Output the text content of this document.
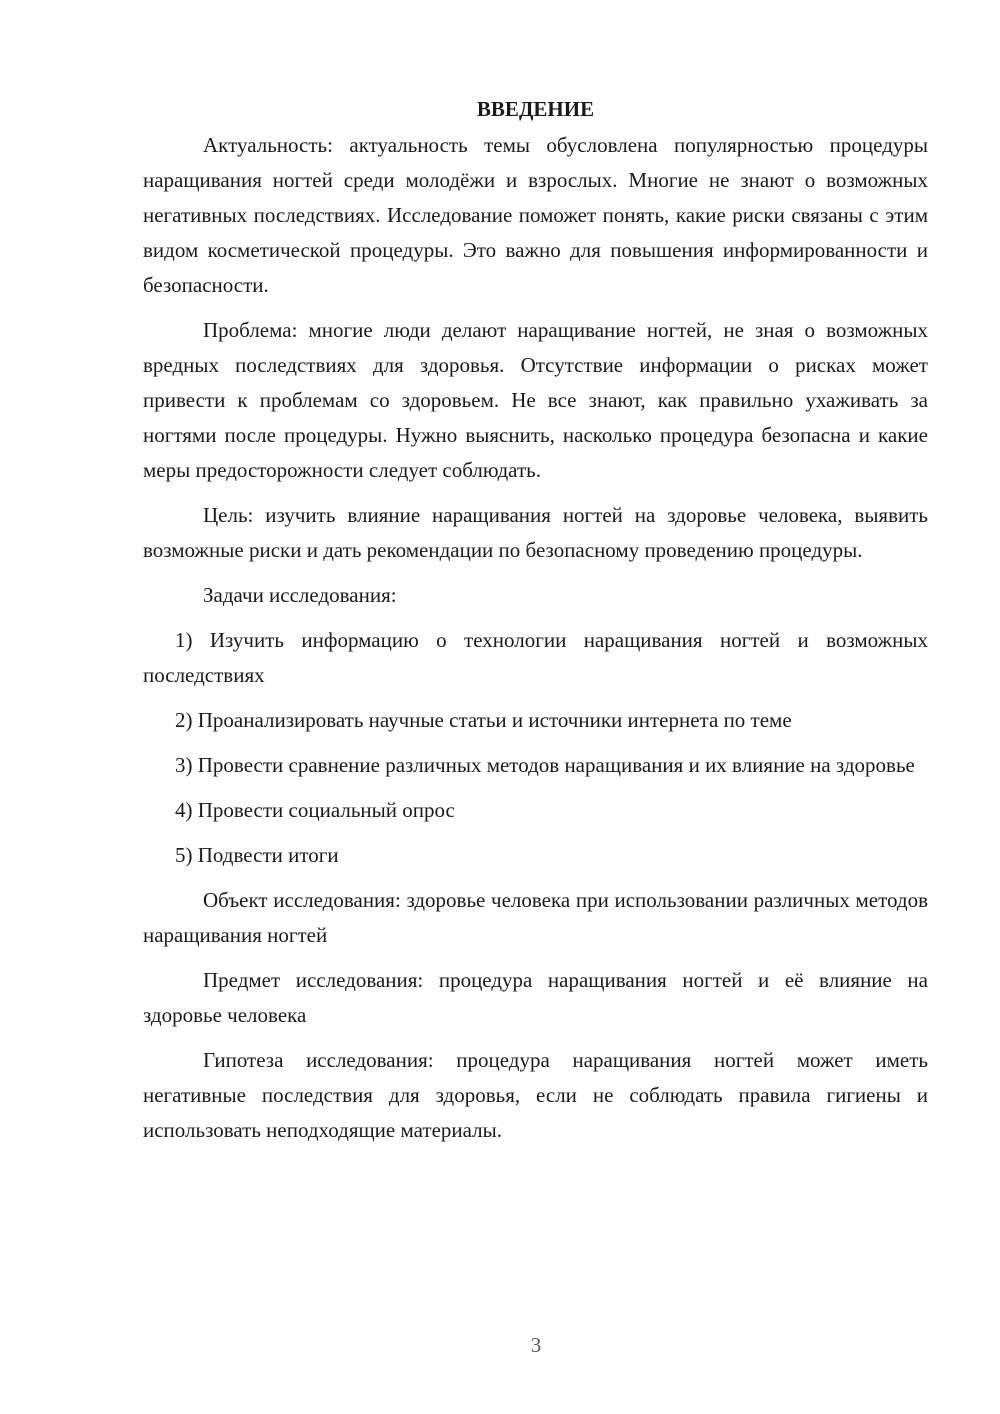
ВВЕДЕНИЕ

Актуальность: актуальность темы обусловлена популярностью процедуры наращивания ногтей среди молодёжи и взрослых. Многие не знают о возможных негативных последствиях. Исследование поможет понять, какие риски связаны с этим видом косметической процедуры. Это важно для повышения информированности и безопасности.

Проблема: многие люди делают наращивание ногтей, не зная о возможных вредных последствиях для здоровья. Отсутствие информации о рисках может привести к проблемам со здоровьем. Не все знают, как правильно ухаживать за ногтями после процедуры. Нужно выяснить, насколько процедура безопасна и какие меры предосторожности следует соблюдать.

Цель: изучить влияние наращивания ногтей на здоровье человека, выявить возможные риски и дать рекомендации по безопасному проведению процедуры.

Задачи исследования:

1) Изучить информацию о технологии наращивания ногтей и возможных последствиях

2) Проанализировать научные статьи и источники интернета по теме

3) Провести сравнение различных методов наращивания и их влияние на здоровье

4) Провести социальный опрос

5) Подвести итоги

Объект исследования: здоровье человека при использовании различных методов наращивания ногтей

Предмет исследования: процедура наращивания ногтей и её влияние на здоровье человека

Гипотеза исследования: процедура наращивания ногтей может иметь негативные последствия для здоровья, если не соблюдать правила гигиены и использовать неподходящие материалы.

3
